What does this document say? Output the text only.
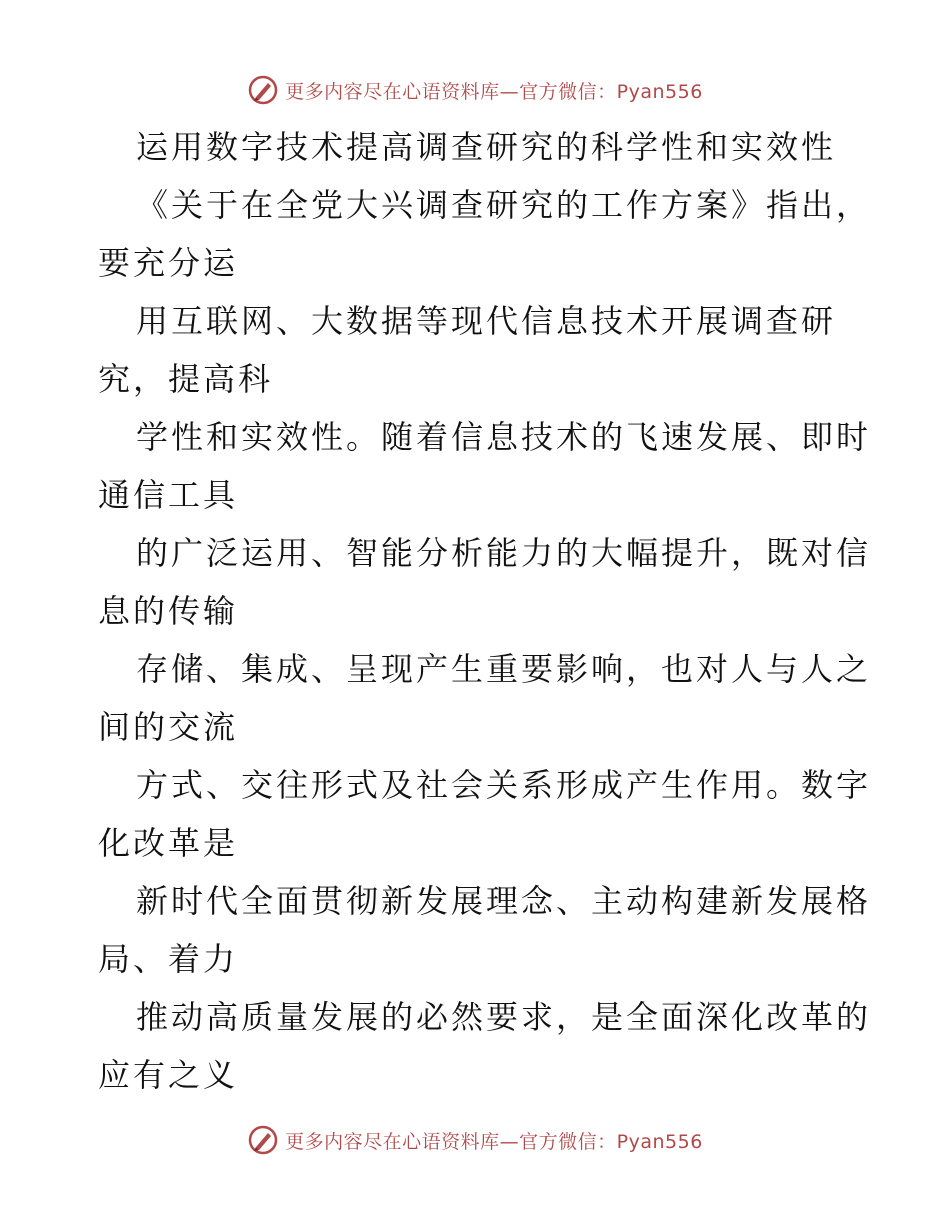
更多内容尽在心语资料库—官方微信：Pyan556
运用数字技术提高调查研究的科学性和实效性
《关于在全党大兴调查研究的工作方案》指出，
要充分运
用互联网、大数据等现代信息技术开展调查研
究，提高科
学性和实效性。随着信息技术的飞速发展、即时
通信工具
的广泛运用、智能分析能力的大幅提升，既对信
息的传输
存储、集成、呈现产生重要影响，也对人与人之
间的交流
方式、交往形式及社会关系形成产生作用。数字
化改革是
新时代全面贯彻新发展理念、主动构建新发展格
局、着力
推动高质量发展的必然要求，是全面深化改革的
应有之义
更多内容尽在心语资料库—官方微信：Pyan556
